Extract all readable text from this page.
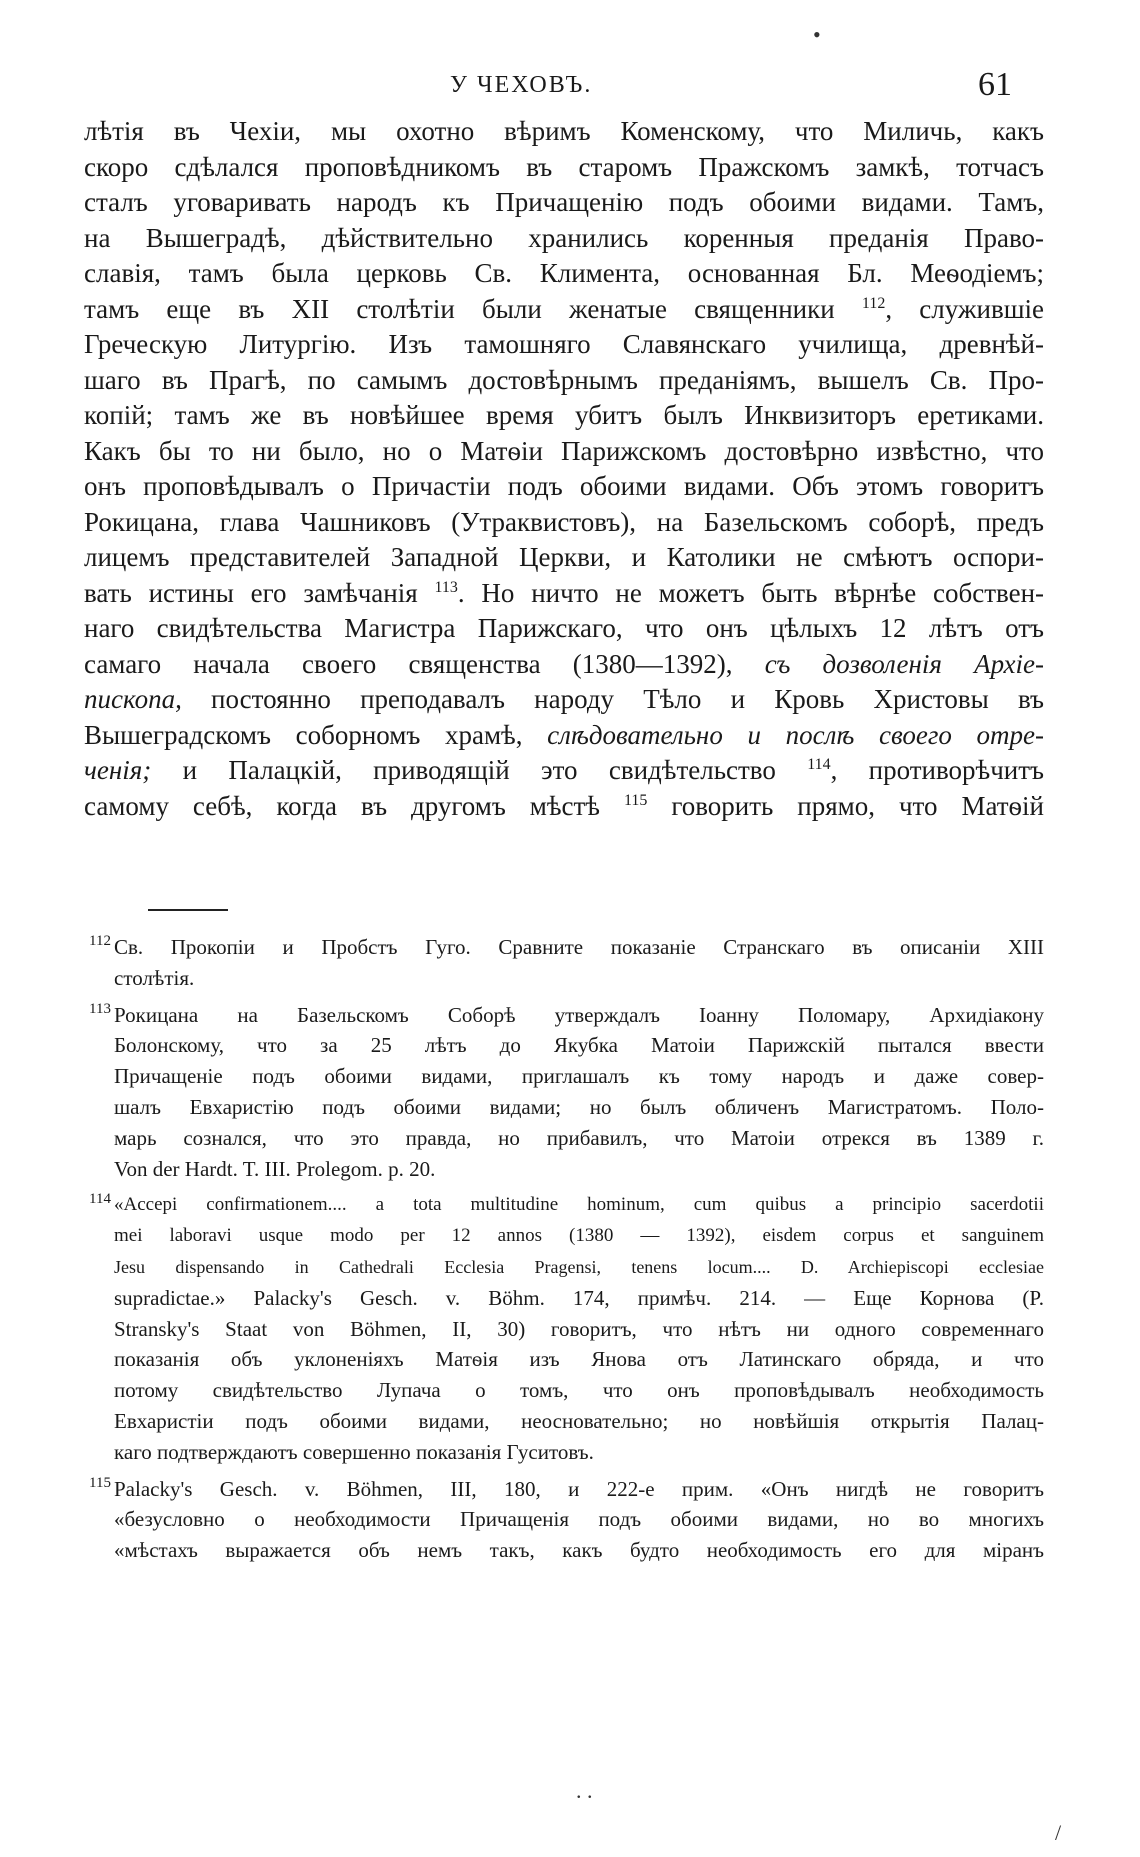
•
У ЧЕХОВЪ.	61
лѣтія въ Чехіи, мы охотно вѣримъ Коменскому, что Миличь, какъ
скоро сдѣлался проповѣдникомъ въ старомъ Пражскомъ замкѣ, тотчасъ
сталъ уговаривать народъ къ Причащенію подъ обоими видами. Тамъ,
на Вышеградѣ, дѣйствительно хранились коренныя преданія Право-
славія, тамъ была церковь Св. Климента, основанная Бл. Меѳодіемъ;
тамъ еще въ XII столѣтіи были женатые священники $^{112}$, служившіе
Греческую Литургію. Изъ тамошняго Славянскаго училища, древнѣй-
шаго въ Прагѣ, по самымъ достовѣрнымъ преданіямъ, вышелъ Св. Про-
копій; тамъ же въ новѣйшее время убитъ былъ Инквизиторъ еретиками.
Какъ бы то ни было, но о Матѳіи Парижскомъ достовѣрно извѣстно, что
онъ проповѣдывалъ о Причастіи подъ обоими видами. Объ этомъ говоритъ
Рокицана, глава Чашниковъ (Утраквистовъ), на Базельскомъ соборѣ, предъ
лицемъ представителей Западной Церкви, и Католики не смѣютъ оспори-
вать истины его замѣчанія $^{113}$. Но ничто не можетъ быть вѣрнѣе собствен-
наго свидѣтельства Магистра Парижскаго, что онъ цѣлыхъ 12 лѣтъ отъ
самаго начала своего священства (1380—1392), съ дозволенія Архіе-
пископа, постоянно преподавалъ народу Тѣло и Кровь Христовы въ
Вышеградскомъ соборномъ храмѣ, слѣдовательно и послѣ своего отре-
ченія; и Палацкій, приводящій это свидѣтельство $^{114}$, противорѣчитъ
самому себѣ, когда въ другомъ мѣстѣ $^{115}$ говорить прямо, что Матѳій
112 Св. Прокопіи и Пробстъ Гуго. Сравните показаніе Странскаго въ описаніи XIII
столѣтія.
113 Рокицана на Базельскомъ Соборѣ утверждалъ Іоанну Поломару, Архидіакону
Болонскому, что за 25 лѣтъ до Якубка Матоіи Парижскій пытался ввести
Причащеніе подъ обоими видами, приглашалъ къ тому народъ и даже совер-
шалъ Евхаристію подъ обоими видами; но былъ обличенъ Магистратомъ. Поло-
марь сознался, что это правда, но прибавилъ, что Матоіи отрекся въ 1389 г.
Von der Hardt. T. III. Prolegom. p. 20.
114 «Accepi confirmationem.... a tota multitudine hominum, cum quibus a principio sacerdotii
mei laboravi usque modo per 12 annos (1380 — 1392), eisdem corpus et sanguinem
Jesu dispensando in Cathedrali Ecclesia Pragensi, tenens locum.... D. Archiepiscopi ecclesiae
supradictae.» Palacky's Gesch. v. Böhm. 174, примѣч. 214. — Еще Корнова (P.
Stransky's Staat von Böhmen, II, 30) говоритъ, что нѣтъ ни одного современнаго
показанія объ уклоненіяхъ Матѳія изъ Янова отъ Латинскаго обряда, и что
потому свидѣтельство Лупача о томъ, что онъ проповѣдывалъ необходимость
Евхаристіи подъ обоими видами, неосновательно; но новѣйшія открытія Палац-
каго подтверждаютъ совершенно показанія Гуситовъ.
115 Palacky's Gesch. v. Böhmen, III, 180, и 222-е прим. «Онъ нигдѣ не говоритъ
«безусловно о необходимости Причащенія подъ обоими видами, но во многихъ
«мѣстахъ выражается объ немъ такъ, какъ будто необходимость его для міранъ
. .
/
